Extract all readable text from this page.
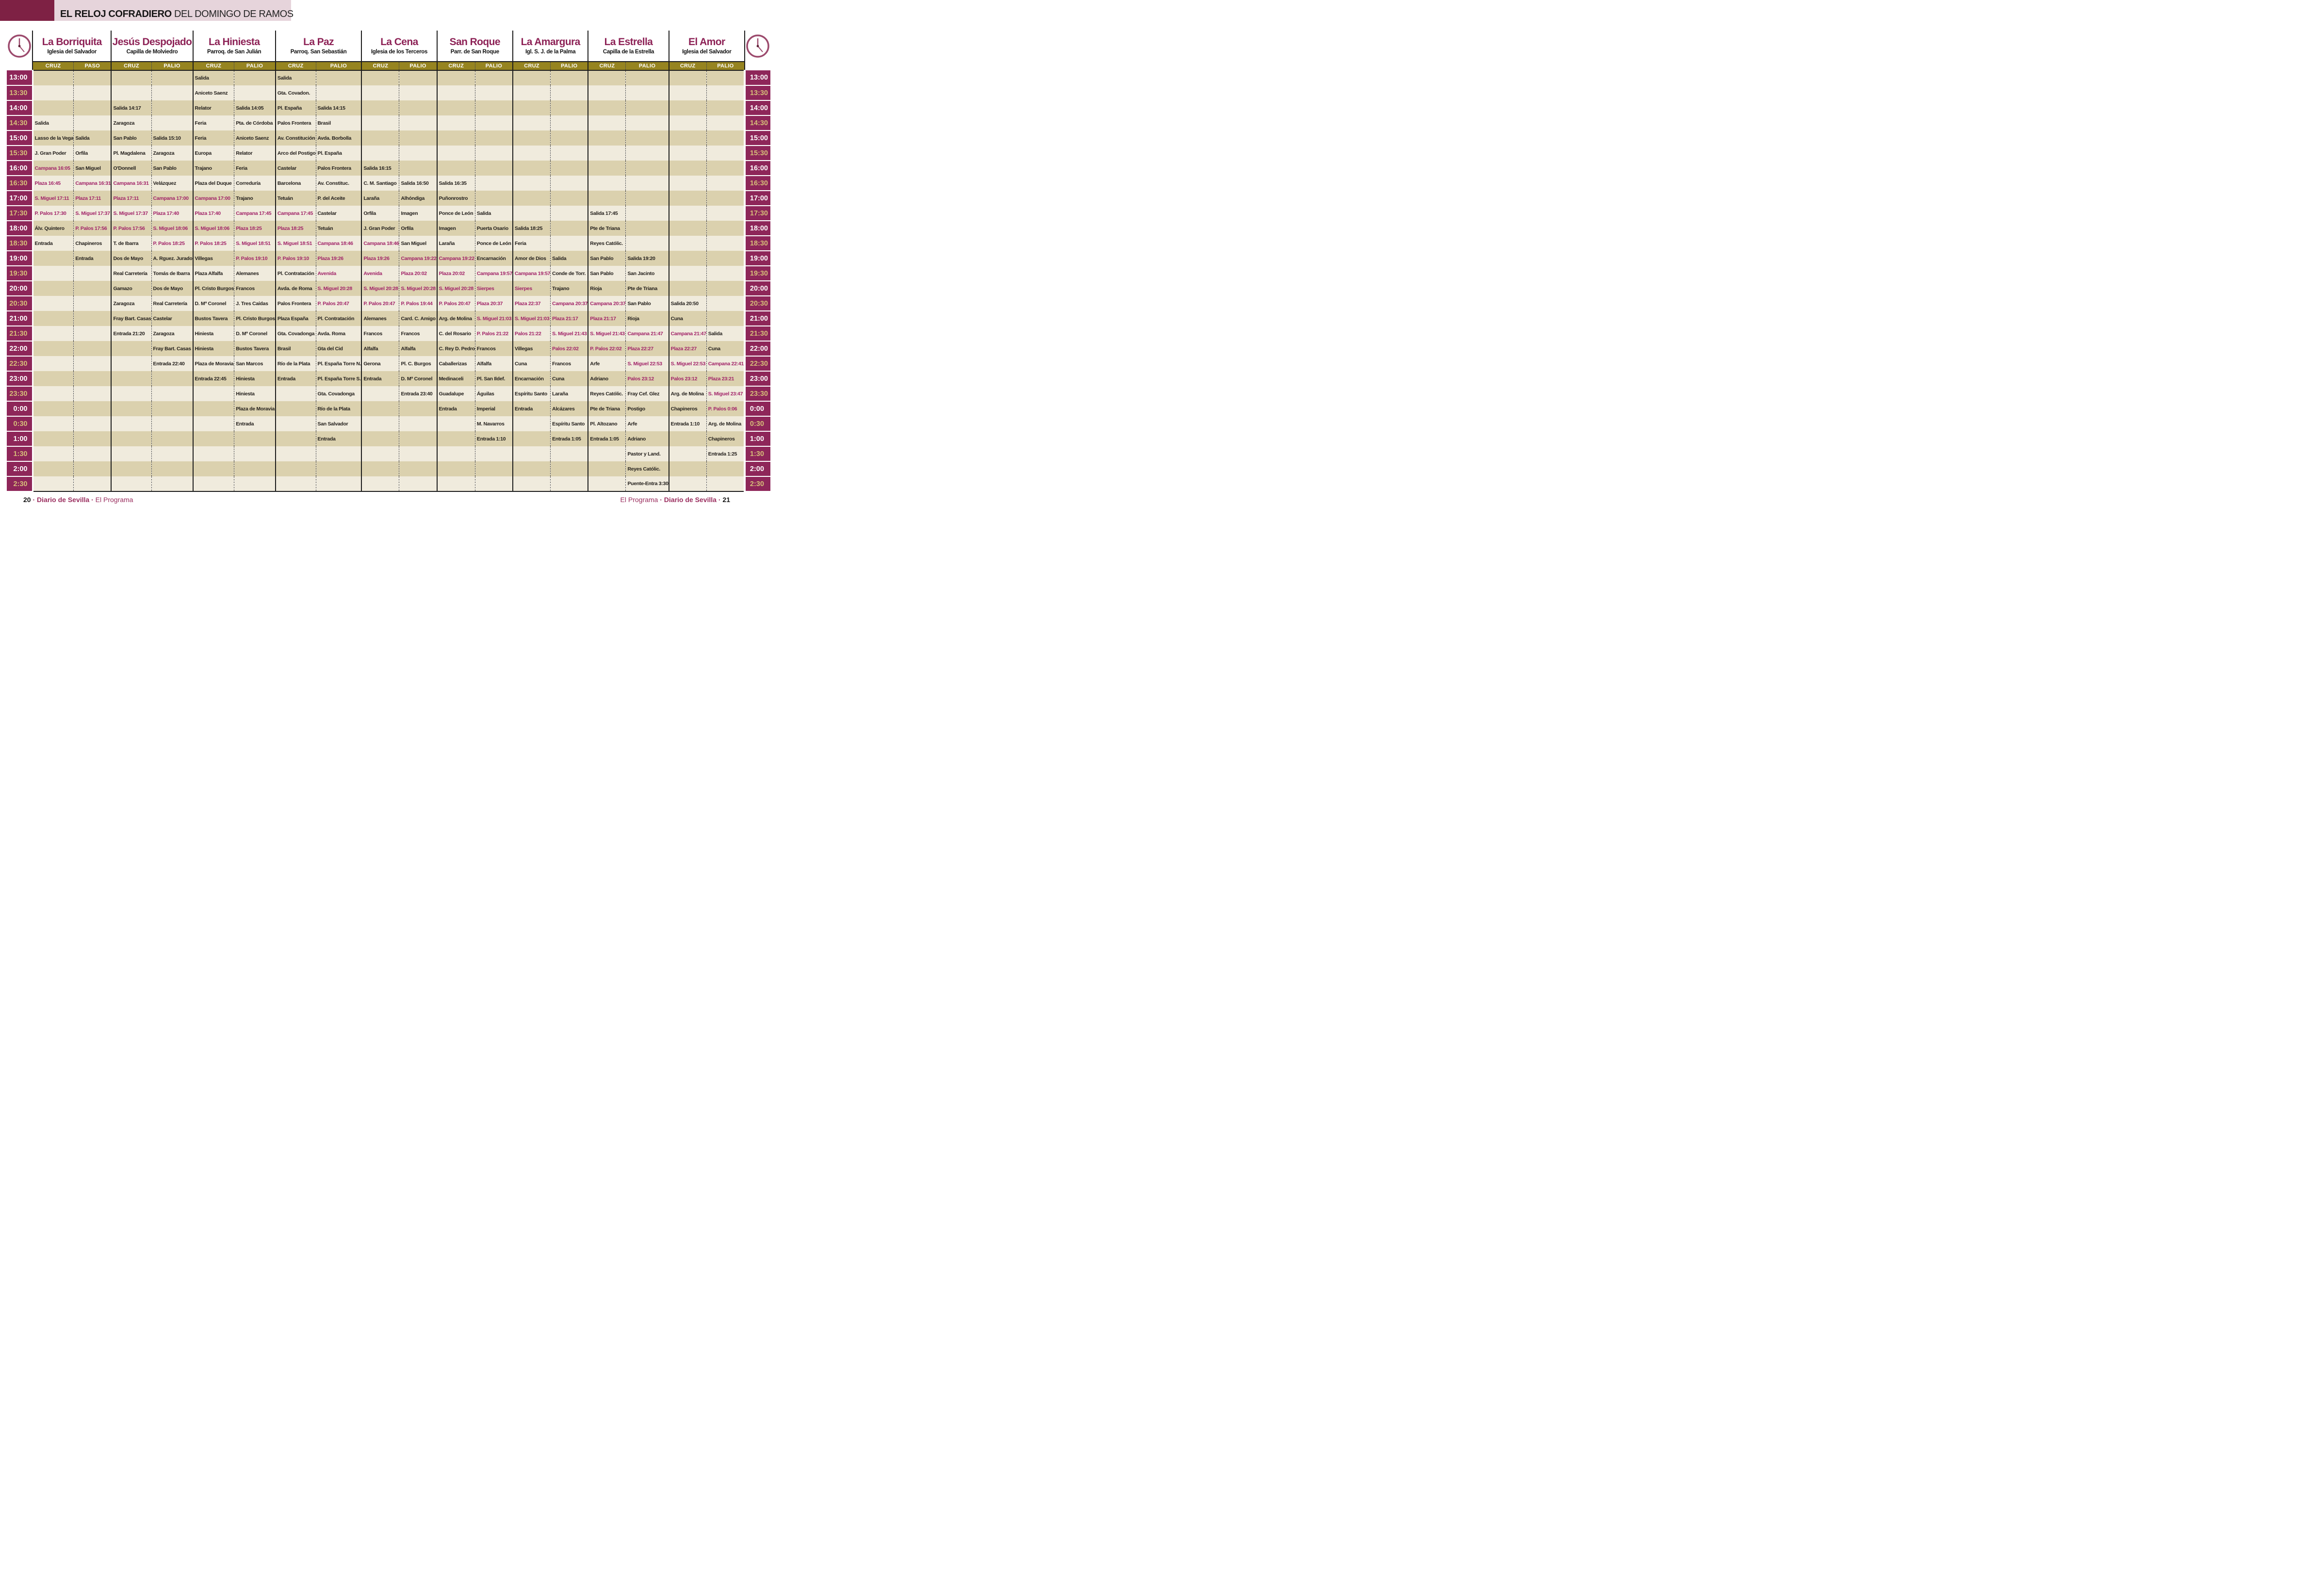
EL RELOJ COFRADIERO DEL DOMINGO DE RAMOS

La Borriquita
Iglesia del Salvador

Jesús Despojado
Capilla de Molviedro

La Hiniesta
Parroq. de San Julián

La Paz
Parroq. San Sebastián

La Cena
Iglesia de los Terceros

San Roque
Parr. de San Roque

La Amargura
Igl. S. J. de la Palma

La Estrella
Capilla de la Estrella

El Amor
Iglesia del Salvador

	CRUZ	PASO	CRUZ	PALIO	CRUZ	PALIO	CRUZ	PALIO	CRUZ	PALIO	CRUZ	PALIO	CRUZ	PALIO	CRUZ	PALIO	CRUZ	PALIO	
13:00					Salida		Salida												13:00
13:30					Aniceto Saenz		Gta. Covadon.												13:30
14:00			Salida 14:17		Relator	Salida 14:05	Pl. España	Salida 14:15											14:00
14:30	Salida		Zaragoza		Feria	Pta. de Córdoba	Palos Frontera	Brasil											14:30
15:00	Lasso de la Vega	Salida	San Pablo	Salida 15:10	Feria	Aniceto Saenz	Av. Constitución	Avda. Borbolla											15:00
15:30	J. Gran Poder	Orfila	Pl. Magdalena	Zaragoza	Europa	Relator	Arco del Postigo	Pl. España											15:30
16:00	Campana 16:05	San Miguel	O'Donnell	San Pablo	Trajano	Feria	Castelar	Palos Frontera	Salida 16:15										16:00
16:30	Plaza 16:45	Campana 16:31	Campana 16:31	Velázquez	Plaza del Duque	Correduría	Barcelona	Av. Constituc.	C. M. Santiago	Salida 16:50	Salida 16:35								16:30
17:00	S. Miguel 17:11	Plaza 17:11	Plaza 17:11	Campana 17:00	Campana 17:00	Trajano	Tetuán	P. del Aceite	Laraña	Alhóndiga	Puñonrostro								17:00
17:30	P. Palos 17:30	S. Miguel 17:37	S. Miguel 17:37	Plaza 17:40	Plaza 17:40	Campana 17:45	Campana 17:45	Castelar	Orfila	Imagen	Ponce de León	Salida			Salida 17:45				17:30
18:00	Álv. Quintero	P. Palos 17:56	P. Palos 17:56	S. Miguel 18:06	S. Miguel 18:06	Plaza 18:25	Plaza 18:25	Tetuán	J. Gran Poder	Orfila	Imagen	Puerta Osario	Salida 18:25		Pte de Triana				18:00
18:30	Entrada	Chapineros	T. de Ibarra	P. Palos 18:25	P. Palos 18:25	S. Miguel 18:51	S. Miguel 18:51	Campana 18:46	Campana 18:46	San Miguel	Laraña	Ponce de León	Feria		Reyes Católic.				18:30
19:00		Entrada	Dos de Mayo	A. Rguez. Jurado	Villegas	P. Palos 19:10	P. Palos 19:10	Plaza 19:26	Plaza 19:26	Campana 19:22	Campana 19:22	Encarnación	Amor de Dios	Salida	San Pablo	Salida 19:20			19:00
19:30			Real Carretería	Tomás de Ibarra	Plaza Alfalfa	Alemanes	Pl. Contratación	Avenida	Avenida	Plaza 20:02	Plaza 20:02	Campana 19:57	Campana 19:57	Conde de Torr.	San Pablo	San Jacinto			19:30
20:00			Gamazo	Dos de Mayo	Pl. Cristo Burgos	Francos	Avda. de Roma	S. Miguel 20:28	S. Miguel 20:28	S. Miguel 20:28	S. Miguel 20:28	Sierpes	Sierpes	Trajano	Rioja	Pte de Triana			20:00
20:30			Zaragoza	Real Carretería	D. Mª Coronel	J. Tres Caídas	Palos Frontera	P. Palos 20:47	P. Palos 20:47	P. Palos 19:44	P. Palos 20:47	Plaza 20:37	Plaza 22:37	Campana 20:37	Campana 20:37	San Pablo	Salida 20:50		20:30
21:00			Fray Bart. Casas	Castelar	Bustos Tavera	Pl. Cristo Burgos	Plaza España	Pl. Contratación	Alemanes	Card. C. Amigo	Arg. de Molina	S. Miguel 21:03	S. Miguel 21:03	Plaza 21:17	Plaza 21:17	Rioja	Cuna		21:00
21:30			Entrada 21:20	Zaragoza	Hiniesta	D. Mª Coronel	Gta. Covadonga	Avda. Roma	Francos	Francos	C. del Rosario	P. Palos 21:22	Palos 21:22	S. Miguel 21:43	S. Miguel 21:43	Campana 21:47	Campana 21:47	Salida	21:30
22:00				Fray Bart. Casas	Hiniesta	Bustos Tavera	Brasil	Gta del Cid	Alfalfa	Alfalfa	C. Rey D. Pedro	Francos	Villegas	Palos 22:02	P. Palos 22:02	Plaza 22:27	Plaza 22:27	Cuna	22:00
22:30				Entrada 22:40	Plaza de Moravia	San Marcos	Río de la Plata	Pl. España Torre N.	Gerona	Pl. C. Burgos	Caballerizas	Alfalfa	Cuna	Francos	Arfe	S. Miguel 22:53	S. Miguel 22:53	Campana 22:41	22:30
23:00					Entrada 22:45	Hiniesta	Entrada	Pl. España Torre S.	Entrada	D. Mª Coronel	Medinaceli	Pl. San Ildef.	Encarnación	Cuna	Adriano	Palos 23:12	Palos 23:12	Plaza 23:21	23:00
23:30						Hiniesta		Gta. Covadonga		Entrada 23:40	Guadalupe	Águilas	Espíritu Santo	Laraña	Reyes Católic.	Fray Cef. Glez	Arg. de Molina	S. Miguel 23:47	23:30
0:00						Plaza de Moravia		Río de la Plata			Entrada	Imperial	Entrada	Alcázares	Pte de Triana	Postigo	Chapineros	P. Palos 0:06	0:00
0:30						Entrada		San Salvador				M. Navarros		Espíritu Santo	Pl. Altozano	Arfe	Entrada 1:10	Arg. de Molina	0:30
1:00								Entrada				Entrada 1:10		Entrada 1:05	Entrada 1:05	Adriano		Chapineros	1:00
1:30																Pastor y Land.		Entrada 1:25	1:30
2:00																Reyes Católic.			2:00
2:30																Puente-Entra 3:30			2:30
20 · Diario de Sevilla · El Programa	El Programa · Diario de Sevilla · 21
